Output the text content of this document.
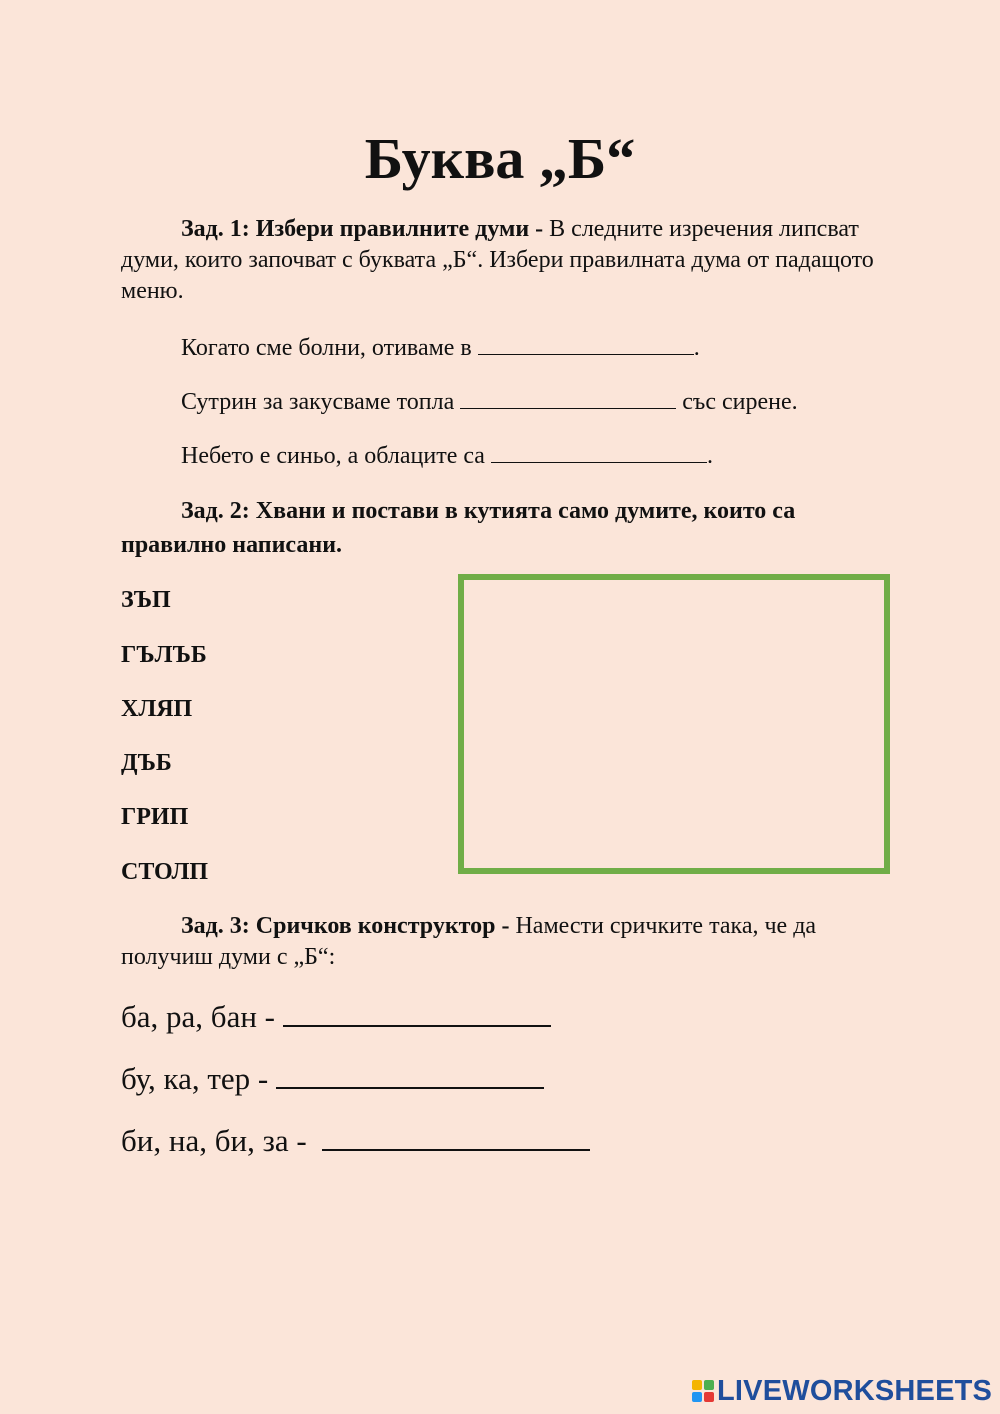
Буква „Б“

Зад. 1: Избери правилните думи - В следните изречения липсват думи, които започват с буквата „Б“. Избери правилната дума от падащото меню.

Когато сме болни, отиваме в	.

Сутрин за закусваме топла	със сирене.

Небето е синьо, а облаците са	.

Зад. 2: Хвани и постави в кутията само думите, които са правилно написани.

ЗЪП

ГЪЛЪБ

ХЛЯП

ДЪБ

ГРИП

СТОЛП

Зад. 3: Сричков конструктор - Намести сричките така, че да получиш думи с „Б“:

ба, ра, бан -

бу, ка, тер -

би, на, би, за -

LIVEWORKSHEETS
